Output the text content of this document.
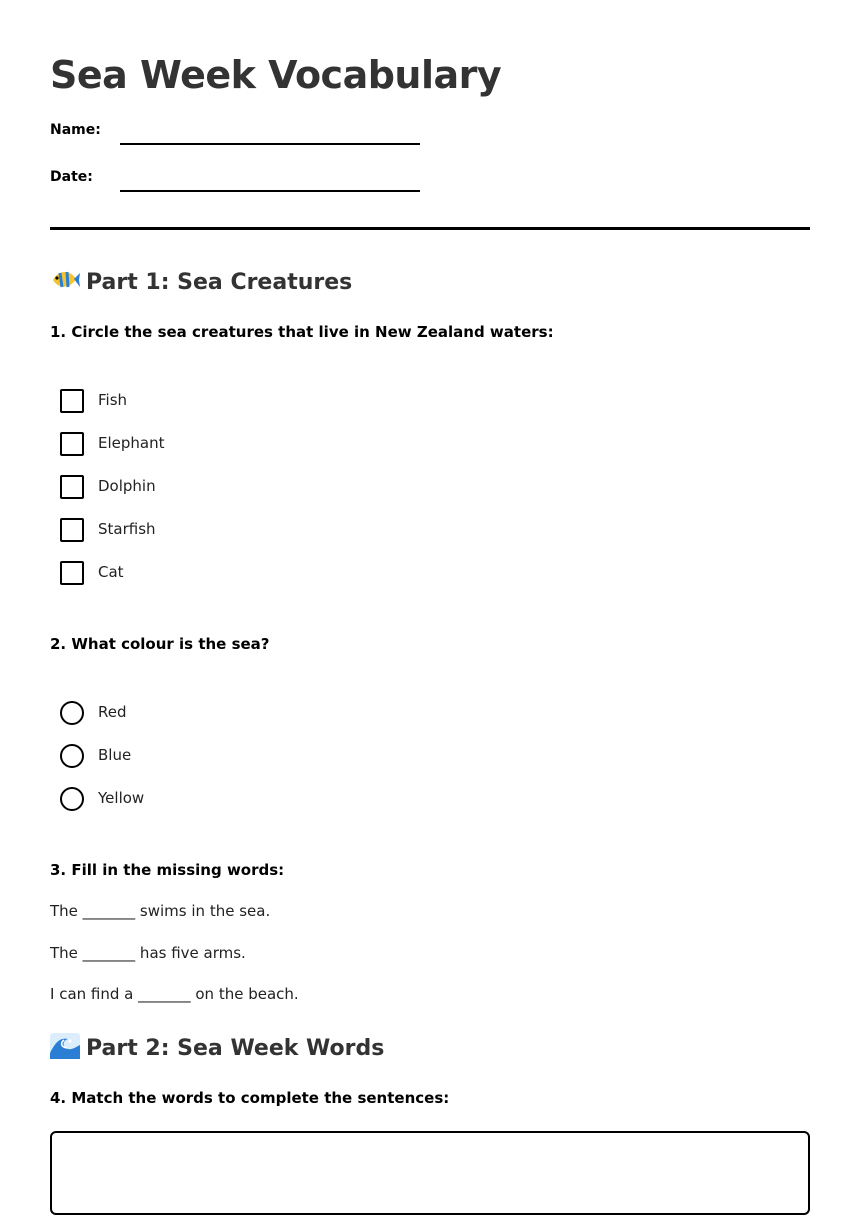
Sea Week Vocabulary
Name:
Date:
Part 1: Sea Creatures
1. Circle the sea creatures that live in New Zealand waters:
Fish
Elephant
Dolphin
Starfish
Cat
2. What colour is the sea?
Red
Blue
Yellow
3. Fill in the missing words:
The _______ swims in the sea.
The _______ has five arms.
I can find a _______ on the beach.
Part 2: Sea Week Words
4. Match the words to complete the sentences:
